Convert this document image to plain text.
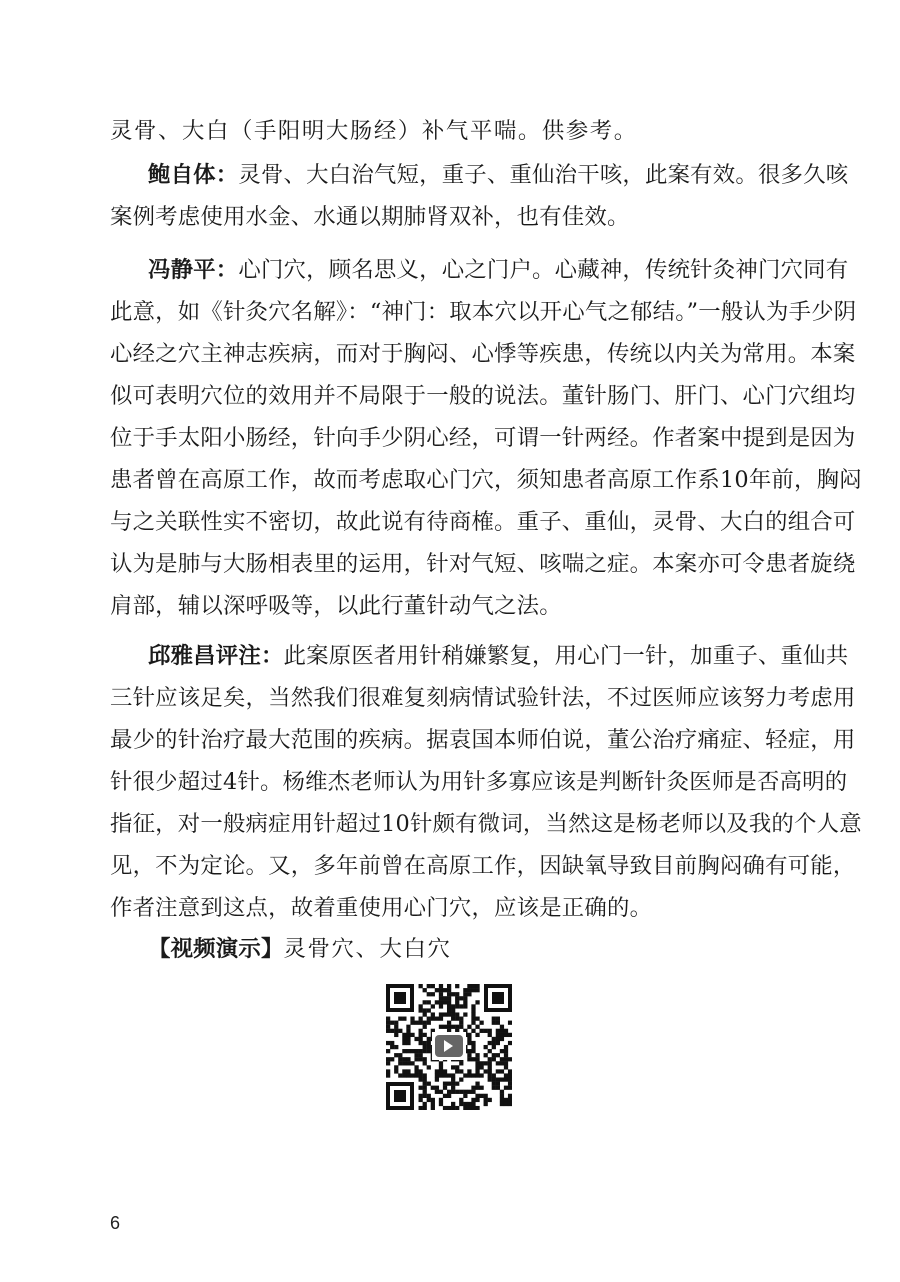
灵骨、大白（手阳明大肠经）补气平喘。供参考。
鲍自体：灵骨、大白治气短，重子、重仙治干咳，此案有效。很多久咳
案例考虑使用水金、水通以期肺肾双补，也有佳效。
冯静平：心门穴，顾名思义，心之门户。心藏神，传统针灸神门穴同有
此意，如《针灸穴名解》：“神门：取本穴以开心气之郁结。”一般认为手少阴
心经之穴主神志疾病，而对于胸闷、心悸等疾患，传统以内关为常用。本案
似可表明穴位的效用并不局限于一般的说法。董针肠门、肝门、心门穴组均
位于手太阳小肠经，针向手少阴心经，可谓一针两经。作者案中提到是因为
患者曾在高原工作，故而考虑取心门穴，须知患者高原工作系10年前，胸闷
与之关联性实不密切，故此说有待商榷。重子、重仙，灵骨、大白的组合可
认为是肺与大肠相表里的运用，针对气短、咳喘之症。本案亦可令患者旋绕
肩部，辅以深呼吸等，以此行董针动气之法。
邱雅昌评注：此案原医者用针稍嫌繁复，用心门一针，加重子、重仙共
三针应该足矣，当然我们很难复刻病情试验针法，不过医师应该努力考虑用
最少的针治疗最大范围的疾病。据袁国本师伯说，董公治疗痛症、轻症，用
针很少超过4针。杨维杰老师认为用针多寡应该是判断针灸医师是否高明的
指征，对一般病症用针超过10针颇有微词，当然这是杨老师以及我的个人意
见，不为定论。又，多年前曾在高原工作，因缺氧导致目前胸闷确有可能，
作者注意到这点，故着重使用心门穴，应该是正确的。
【视频演示】灵骨穴、大白穴
6
